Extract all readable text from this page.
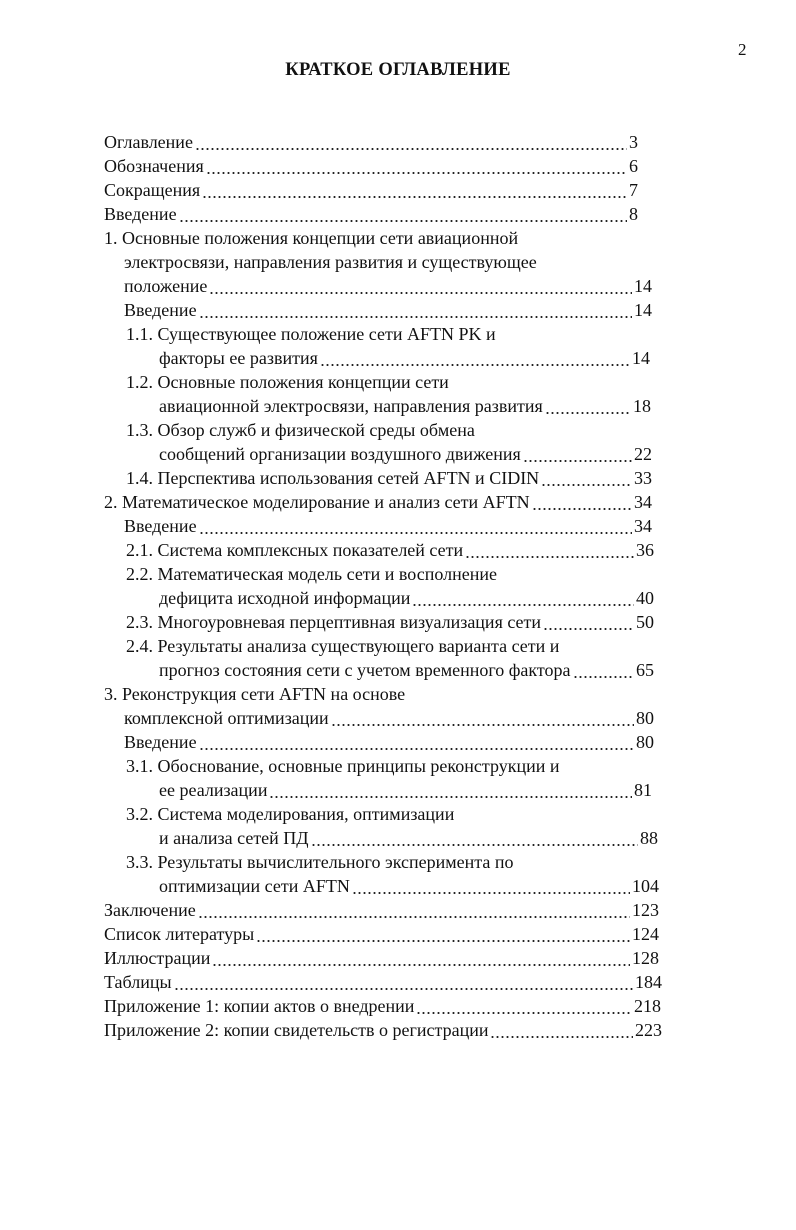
2
КРАТКОЕ ОГЛАВЛЕНИЕ
Оглавление	3
Обозначения	6
Сокращения	7
Введение	8
1. Основные положения концепции сети авиационной
электросвязи, направления развития и существующее
положение	14
Введение	14
1.1. Существующее положение сети AFTN PK и
факторы ее развития	14
1.2. Основные положения концепции сети
авиационной электросвязи, направления развития	18
1.3. Обзор служб и физической среды обмена
сообщений организации воздушного движения	22
1.4. Перспектива использования сетей AFTN и CIDIN	33
2. Математическое моделирование и анализ сети AFTN	34
Введение	34
2.1. Система комплексных показателей сети	36
2.2. Математическая модель сети и восполнение
дефицита исходной информации	40
2.3. Многоуровневая перцептивная визуализация сети	50
2.4. Результаты анализа существующего варианта сети и
прогноз состояния сети с учетом временного фактора	65
3. Реконструкция сети AFTN на основе
комплексной оптимизации	80
Введение	80
3.1. Обоснование, основные принципы реконструкции и
ее реализации	81
3.2. Система моделирования, оптимизации
и анализа сетей ПД	88
3.3. Результаты вычислительного эксперимента по
оптимизации сети AFTN	104
Заключение	123
Список литературы	124
Иллюстрации	128
Таблицы	184
Приложение 1: копии актов о внедрении	218
Приложение 2: копии свидетельств о регистрации	223
